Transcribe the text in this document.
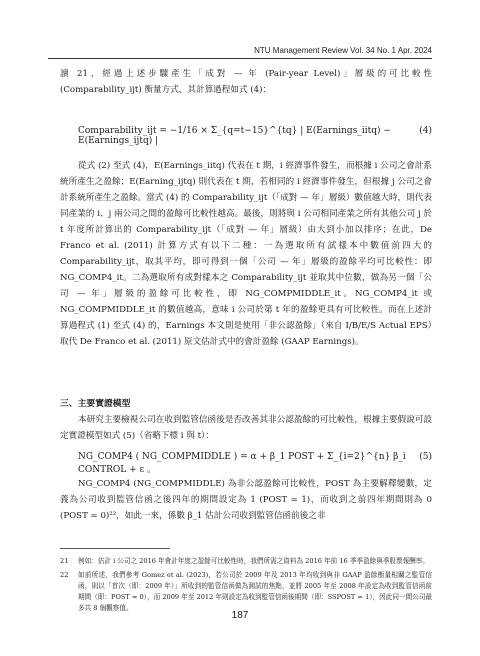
NTU Management Review Vol. 34 No. 1 Apr. 2024

讀 21，經過上述步驟產生「成對 — 年 (Pair-year Level)」層級的可比較性 (Comparability_ijt) 衡量方式，其計算過程如式 (4)：

Comparability_ijt = −1/16 × Σ_{q=t−15}^{tq} | E(Earnings_iitq) − E(Earnings_ijtq) |
(4)

從式 (2) 至式 (4)，E(Earnings_iitq) 代表在 t 期，i 經濟事件發生，而根據 i 公司之會計系統所產生之盈餘；E(Earning_ijtq) 則代表在 t 期，若相同的 i 經濟事件發生，但根據 j 公司之會計系統所產生之盈餘。當式 (4) 的 Comparability_ijt（「成對 — 年」層級）數值越大時，則代表同產業的 i、j 兩公司之間的盈餘可比較性越高。最後，則將與 i 公司相同產業之所有其他公司 j 於 t 年度所計算出的 Comparability_ijt（「成對 — 年」層級）由大到小加以排序；在此，De Franco et al. (2011) 計算方式有以下二種：一為選取所有試樣本中數值前四大的 Comparability_ijt，取其平均，即可得到一個「公司 — 年」層級的盈餘平均可比較性：即 NG_COMP4_it。二為選取所有成對樣本之 Comparability_ijt 並取其中位數，做為另一個「公司 — 年」層級的盈餘可比較性，即 NG_COMPMIDDLE_it。NG_COMP4_it 或 NG_COMPMIDDLE_it 的數值越高，意味 i 公司於第 t 年的盈餘更具有可比較性。而在上述計算過程式 (1) 至式 (4) 的，Earnings 本文則是使用「非公認盈餘」（來自 I/B/E/S Actual EPS）取代 De Franco et al. (2011) 原文估計式中的會計盈餘 (GAAP Earnings)。

三、主要實證模型

本研究主要檢視公司在收到監管信函後是否改善其非公認盈餘的可比較性，根據主要假說可設定實證模型如式 (5)（省略下標 i 與 t）：

NG_COMP4 ( NG_COMPMIDDLE ) = α + β_1 POST + Σ_{i=2}^{n} β_i CONTROL + ε 。
(5)

NG_COMP4 (NG_COMPMIDDLE) 為非公認盈餘可比較性，POST 為主要解釋變數，定義為公司收到監管信函之後四年的期間設定為 1 (POST = 1)，而收到之前四年期間則為 0 (POST = 0)²²，如此一來，係數 β_1 估計公司收到監管信函前後之非

21	例如：估計 i 公司之 2016 年會計年度之盈餘可比較性時，我們所需之資料為 2016 年前 16 季季盈餘與季股票報酬率。
22	如前所述，我們參考 Gomez et al. (2023)，若公司於 2009 年及 2013 年均收到與非 GAAP 盈餘衡量相關之監管信函，則以「首次（即：2009 年）」所收到的監管信函做為測試的焦點，並將 2005 年至 2008 年設定為收到監管信函前期間（即：POST = 0），而 2009 年至 2012 年則設定為收到監管信函後期間（即：SSPOST = 1），因此同一間公司最多共 8 個觀察值。
187
